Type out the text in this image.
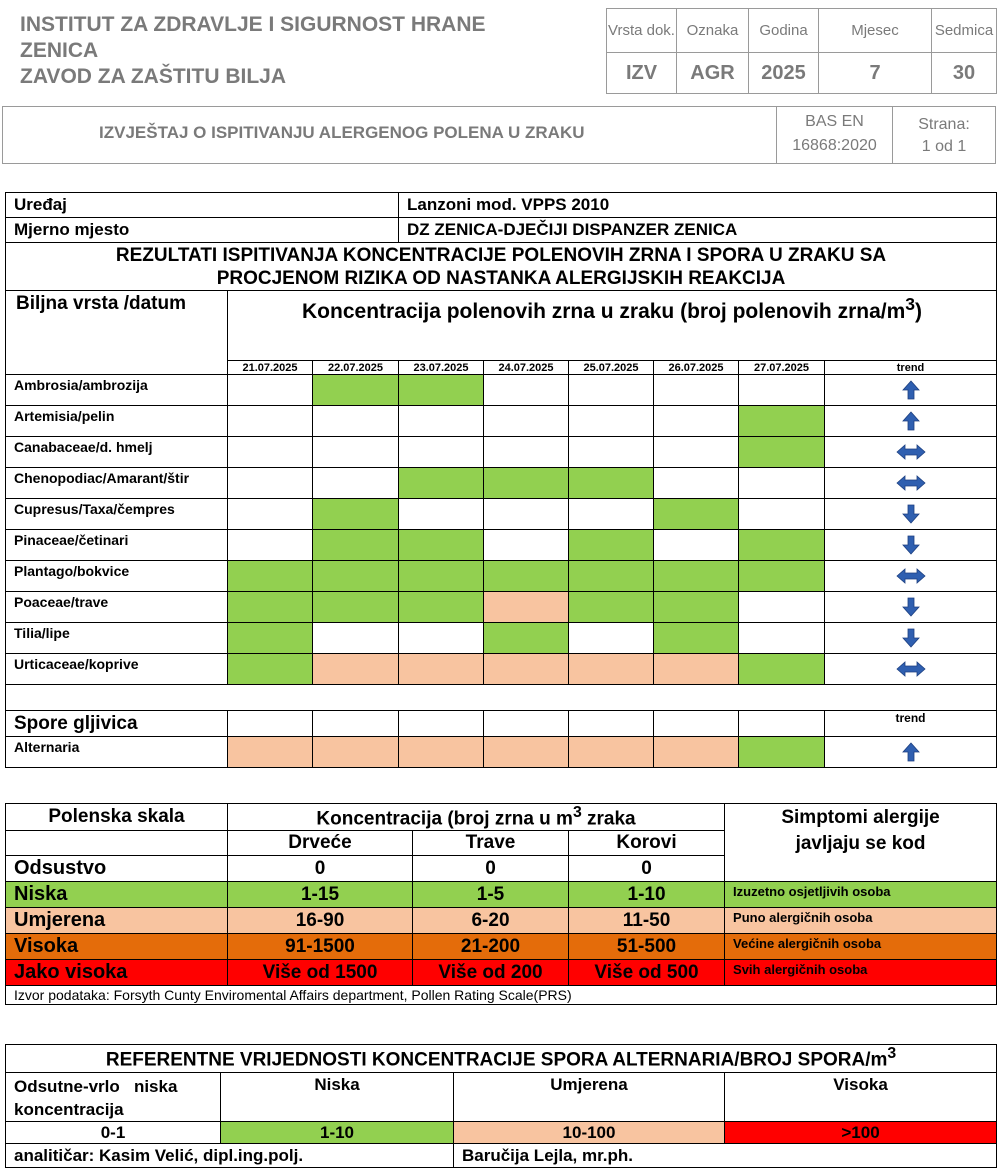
INSTITUT ZA ZDRAVLJE I SIGURNOST HRANE
ZENICA
ZAVOD ZA ZAŠTITU BILJA
Vrsta dok.	Oznaka	Godina	Mjesec	Sedmica
IZV	AGR	2025	7	30
IZVJEŠTAJ O ISPITIVANJU ALERGENOG POLENA U ZRAKU
BAS EN
16868:2020
Strana:
1 od 1
Uređaj			Lanzoni mod. VPPS 2010					
Mjerno mjesto			DZ ZENICA-DJEČIJI DISPANZER ZENICA					

REZULTATI ISPITIVANJA KONCENTRACIJE POLENOVIH ZRNA I SPORA U ZRAKU SA
PROCJENOM RIZIKA OD NASTANKA ALERGIJSKIH REAKCIJA								

Biljna vrsta /datum	Koncentracija polenovih zrna u zraku (broj polenovih zrna/$m^3$)							
	21.07.2025	22.07.2025	23.07.2025	24.07.2025	25.07.2025	26.07.2025	27.07.2025	trend
Ambrosia/ambrozija								
Artemisia/pelin								
Canabaceae/d. hmelj								
Chenopodiac/Amarant/štir								
Cupresus/Taxa/čempres								
Pinaceae/četinari								
Plantago/bokvice								
Poaceae/trave								
Tilia/lipe								
Urticaceae/koprive								

Spore gljivica								trend
Alternaria								
Polenska skala	Koncentracija (broj zrna u $m^3$ zraka			Simptomi alergije
javljaju se kod

	Drveće	Trave	Korovi	
Odsustvo	0	0	0	
Niska	1-15	1-5	1-10	Izuzetno osjetljivih osoba
Umjerena	16-90	6-20	11-50	Puno alergičnih osoba
Visoka	91-1500	21-200	51-500	Većine alergičnih osoba
Jako visoka	Više od 1500	Više od 200	Više od 500	Svih alergičnih osoba
Izvor podataka: Forsyth Cunty Enviromental Affairs department, Pollen Rating Scale(PRS)				
REFERENTNE VRIJEDNOSTI KONCENTRACIJE SPORA ALTERNARIA/BROJ SPORA/$m^3$

Odsutne-vrlo   niska
koncentracija	Niska	Umjerena	Visoka
0-1	1-10	10-100	>100
analitičar: Kasim Velić, dipl.ing.polj.		Baručija Lejla, mr.ph.	
